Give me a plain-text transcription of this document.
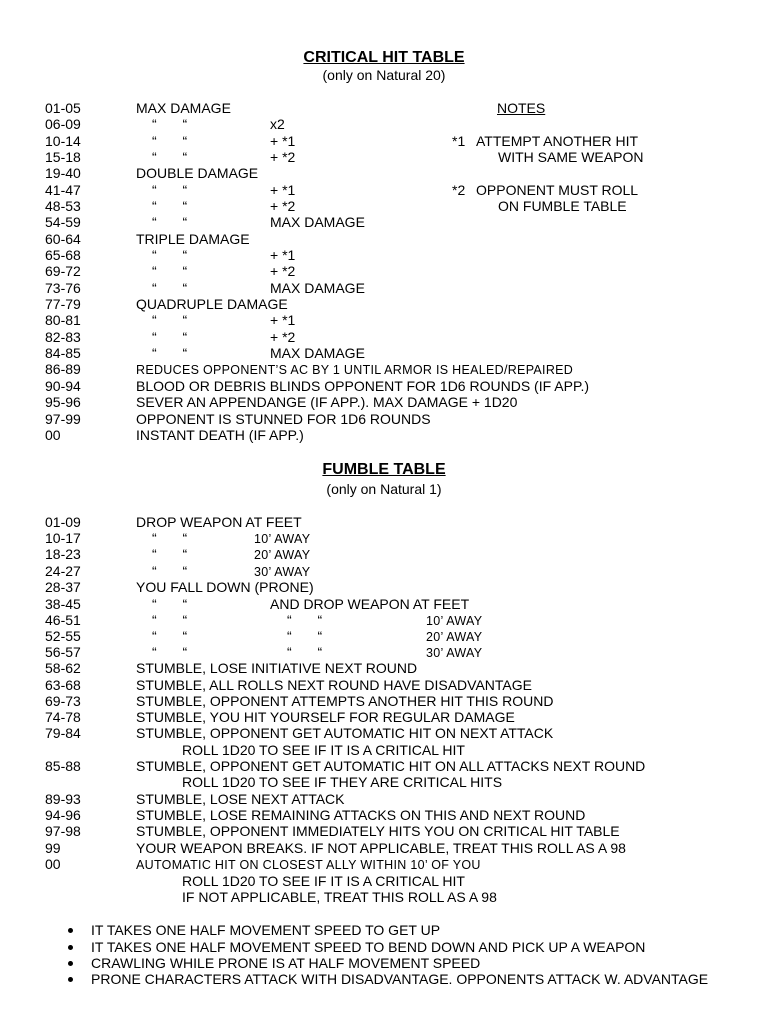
CRITICAL HIT TABLE
(only on Natural 20)
01-05	MAX DAMAGE
06-09	“ “	x2
10-14	“ “	+ *1
15-18	“ “	+ *2
19-40	DOUBLE DAMAGE
41-47	“ “	+ *1
48-53	“ “	+ *2
54-59	“ “	MAX DAMAGE
60-64	TRIPLE DAMAGE
65-68	“ “	+ *1
69-72	“ “	+ *2
73-76	“ “	MAX DAMAGE
77-79	QUADRUPLE DAMAGE
80-81	“ “	+ *1
82-83	“ “	+ *2
84-85	“ “	MAX DAMAGE
86-89	REDUCES OPPONENT’S AC BY 1 UNTIL ARMOR IS HEALED/REPAIRED
90-94	BLOOD OR DEBRIS BLINDS OPPONENT FOR 1D6 ROUNDS (IF APP.)
95-96	SEVER AN APPENDANGE (IF APP.). MAX DAMAGE + 1D20
97-99	OPPONENT IS STUNNED FOR 1D6 ROUNDS
00	INSTANT DEATH (IF APP.)
NOTES
*1 ATTEMPT ANOTHER HIT
WITH SAME WEAPON
*2 OPPONENT MUST ROLL
ON FUMBLE TABLE
FUMBLE TABLE
(only on Natural 1)
01-09	DROP WEAPON AT FEET
10-17	“ “	10’ AWAY
18-23	“ “	20’ AWAY
24-27	“ “	30’ AWAY
28-37	YOU FALL DOWN (PRONE)
38-45	“ “	AND DROP WEAPON AT FEET
46-51	“ “	“ “	10’ AWAY
52-55	“ “	“ “	20’ AWAY
56-57	“ “	“ “	30’ AWAY
58-62	STUMBLE, LOSE INITIATIVE NEXT ROUND
63-68	STUMBLE, ALL ROLLS NEXT ROUND HAVE DISADVANTAGE
69-73	STUMBLE, OPPONENT ATTEMPTS ANOTHER HIT THIS ROUND
74-78	STUMBLE, YOU HIT YOURSELF FOR REGULAR DAMAGE
79-84	STUMBLE, OPPONENT GET AUTOMATIC HIT ON NEXT ATTACK
ROLL 1D20 TO SEE IF IT IS A CRITICAL HIT
85-88	STUMBLE, OPPONENT GET AUTOMATIC HIT ON ALL ATTACKS NEXT ROUND
ROLL 1D20 TO SEE IF THEY ARE CRITICAL HITS
89-93	STUMBLE, LOSE NEXT ATTACK
94-96	STUMBLE, LOSE REMAINING ATTACKS ON THIS AND NEXT ROUND
97-98	STUMBLE, OPPONENT IMMEDIATELY HITS YOU ON CRITICAL HIT TABLE
99	YOUR WEAPON BREAKS. IF NOT APPLICABLE, TREAT THIS ROLL AS A 98
00	AUTOMATIC HIT ON CLOSEST ALLY WITHIN 10’ OF YOU
ROLL 1D20 TO SEE IF IT IS A CRITICAL HIT
IF NOT APPLICABLE, TREAT THIS ROLL AS A 98
IT TAKES ONE HALF MOVEMENT SPEED TO GET UP
IT TAKES ONE HALF MOVEMENT SPEED TO BEND DOWN AND PICK UP A WEAPON
CRAWLING WHILE PRONE IS AT HALF MOVEMENT SPEED
PRONE CHARACTERS ATTACK WITH DISADVANTAGE. OPPONENTS ATTACK W. ADVANTAGE
